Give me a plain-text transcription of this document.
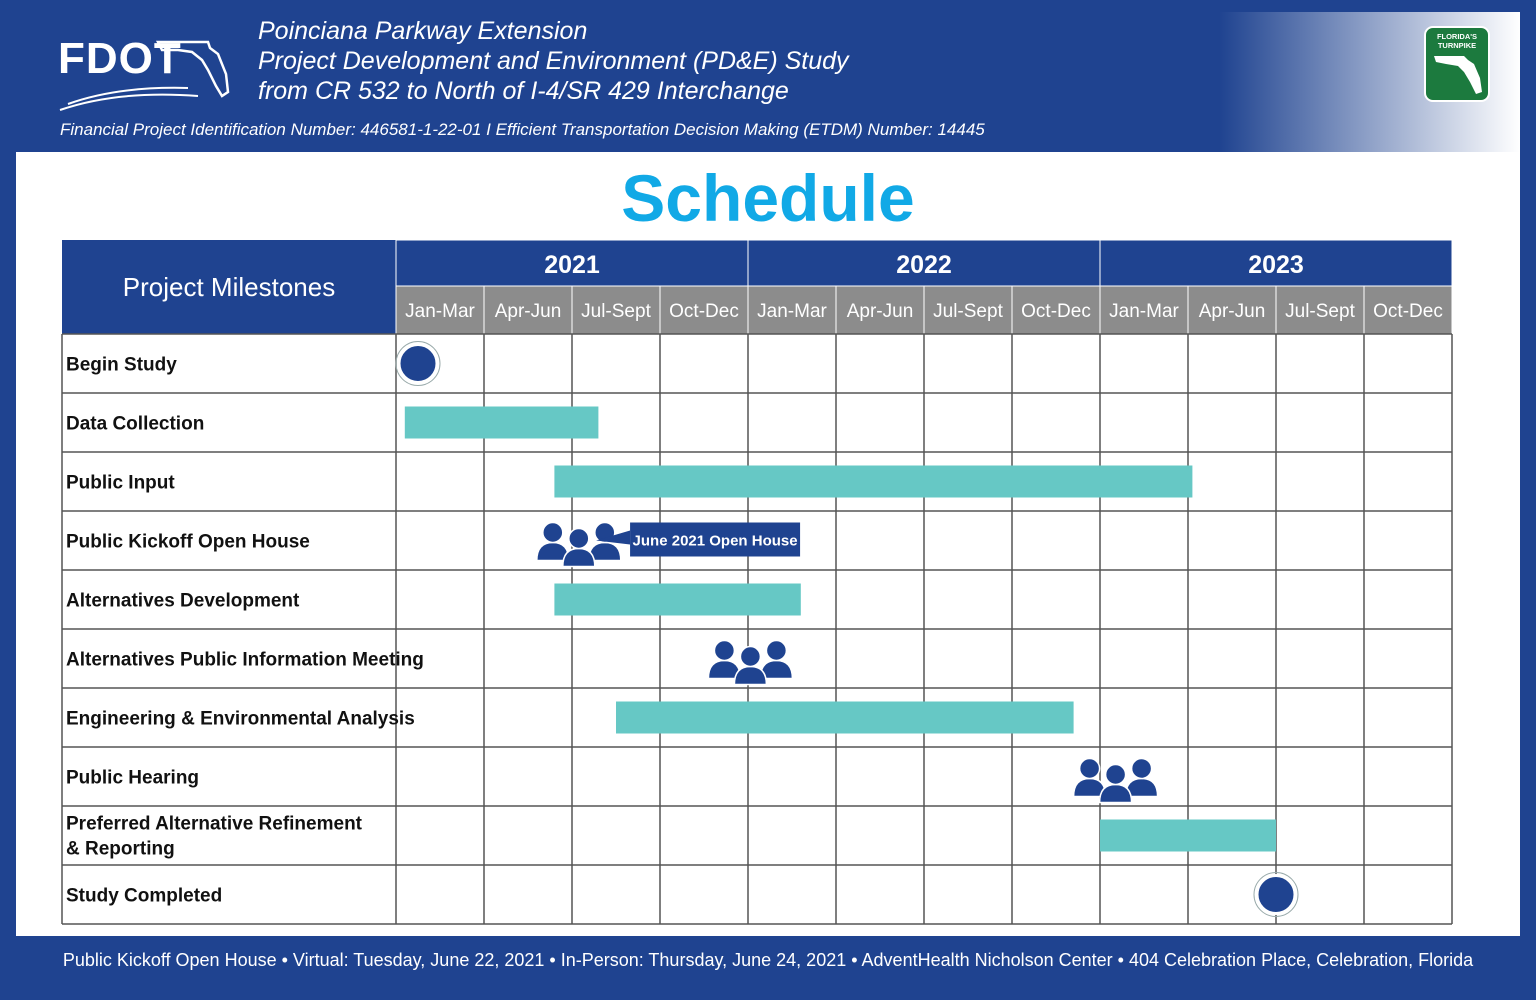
FDOT
Poinciana Parkway Extension
Project Development and Environment (PD&E) Study
from CR 532 to North of I-4/SR 429 Interchange
Financial Project Identification Number: 446581-1-22-01 I Efficient Transportation Decision Making (ETDM) Number: 14445
FLORIDA'S
TURNPIKE
Schedule
Project Milestones
2021	2022	2023
Jan-Mar Apr-Jun Jul-Sept Oct-Dec Jan-Mar Apr-Jun Jul-Sept Oct-Dec Jan-Mar Apr-Jun Jul-Sept Oct-Dec
Begin Study
Data Collection
Public Input
Public Kickoff Open House	June 2021 Open House
Alternatives Development
Alternatives Public Information Meeting
Engineering & Environmental Analysis
Public Hearing
Preferred Alternative Refinement & Reporting
Study Completed
Public Kickoff Open House • Virtual: Tuesday, June 22, 2021 • In-Person: Thursday, June 24, 2021 • AdventHealth Nicholson Center • 404 Celebration Place, Celebration, Florida
